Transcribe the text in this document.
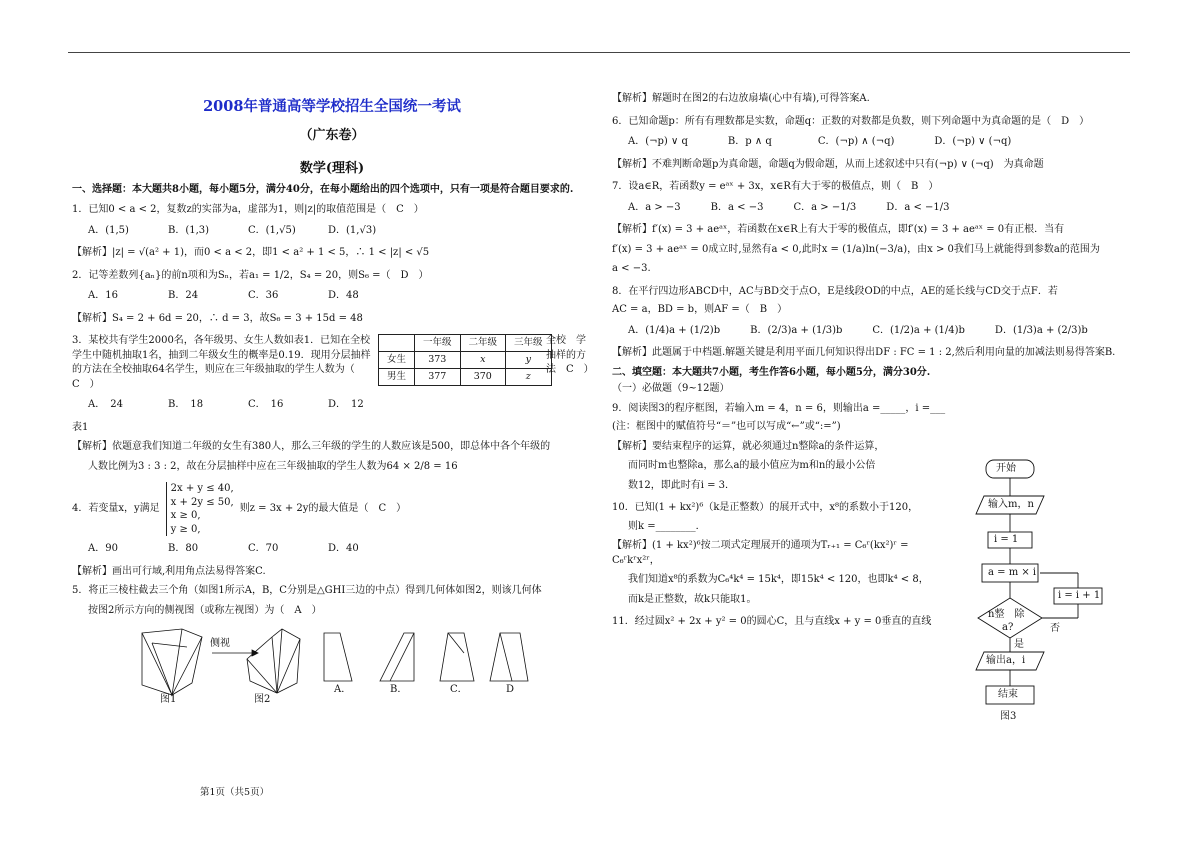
2008年普通高等学校招生全国统一考试
（广东卷）
数学(理科)

一、选择题：本大题共8小题，每小题5分，满分40分，在每小题给出的四个选项中，只有一项是符合题目要求的.

1．已知0 < a < 2，复数z的实部为a，虚部为1，则|z|的取值范围是（　C　）

A．(1,5)	B．(1,3)	C．(1,√5)	D．(1,√3)

【解析】|z| = √(a² + 1)，而0 < a < 2，即1 < a² + 1 < 5，∴ 1 < |z| < √5

2．记等差数列{aₙ}的前n项和为Sₙ，若a₁ = 1/2，S₄ = 20，则S₆ =（　D　）

A．16	B．24	C．36	D．48

【解析】S₄ = 2 + 6d = 20，∴ d = 3，故S₆ = 3 + 15d = 48

3．某校共有学生2000名，各年级男、女生人数如表1．已知在全校学生中随机抽取1名，抽到二年级女生的概率是0.19．现用分层抽样的方法在全校抽取64名学生，则应在三年级抽取的学生人数为（　C　）

	一年级	二年级	三年级
女生	373	x	y
男生	377	370	z
全校　学抽样的方法　C　）
A．　24	B．　18	C．　16	D．　12

表1

【解析】依题意我们知道二年级的女生有380人，那么三年级的学生的人数应该是500，即总体中各个年级的

人数比例为3 : 3 : 2，故在分层抽样中应在三年级抽取的学生人数为64 × 2/8 = 16

4．若变量x，y满足
2x + y ≤ 40,
x + 2y ≤ 50,
x ≥ 0,
y ≥ 0,
则z = 3x + 2y的最大值是（　C　）
A．90	B．80	C．70	D．40

【解析】画出可行域,利用角点法易得答案C.

5．将正三棱柱截去三个角（如图1所示A，B，C分别是△GHI三边的中点）得到几何体如图2，则该几何体

按图2所示方向的侧视图（或称左视图）为（　A　）

图1	图2
侧视
A．	B．	C．	D

【解析】解题时在图2的右边放扇墙(心中有墙),可得答案A.

6．已知命题p：所有有理数都是实数，命题q：正数的对数都是负数，则下列命题中为真命题的是（　D　）

A．(¬p) ∨ q	B．p ∧ q	C．(¬p) ∧ (¬q)	D．(¬p) ∨ (¬q)

【解析】不难判断命题p为真命题，命题q为假命题，从而上述叙述中只有(¬p) ∨ (¬q)　为真命题

7．设a∈R，若函数y = eᵃˣ + 3x，x∈R有大于零的极值点，则（　B　）

A．a > −3	B．a < −3	C．a > −1/3	D．a < −1/3

【解析】f′(x) = 3 + aeᵃˣ，若函数在x∈R上有大于零的极值点，即f′(x) = 3 + aeᵃˣ = 0有正根．当有

f′(x) = 3 + aeᵃˣ = 0成立时,显然有a < 0,此时x = (1/a)ln(−3/a)，由x > 0我们马上就能得到参数a的范围为

a < −3.

8．在平行四边形ABCD中，AC与BD交于点O，E是线段OD的中点，AE的延长线与CD交于点F．若

AC = a，BD = b，则AF =（　B　）

A．(1/4)a + (1/2)b	B．(2/3)a + (1/3)b	C．(1/2)a + (1/4)b	D．(1/3)a + (2/3)b

【解析】此题属于中档题.解题关键是利用平面几何知识得出DF : FC = 1 : 2,然后利用向量的加减法则易得答案B.

二、填空题：本大题共7小题，考生作答6小题，每小题5分，满分30分.

（一）必做题（9~12题）

9．阅读图3的程序框图，若输入m = 4，n = 6，则输出a =_____，i =___

(注：框图中的赋值符号“＝”也可以写成“←”或“:=”)

【解析】要结束程序的运算，就必须通过n整除a的条件运算，

而同时m也整除a，那么a的最小值应为m和n的最小公倍

数12，即此时有i = 3．

10．已知(1 + kx²)⁶（k是正整数）的展开式中，x⁸的系数小于120，

则k =________．

【解析】(1 + kx²)⁶按二项式定理展开的通项为Tᵣ₊₁ = C₆ʳ(kx²)ʳ = C₆ʳkʳx²ʳ，

我们知道x⁸的系数为C₆⁴k⁴ = 15k⁴，即15k⁴ < 120，也即k⁴ < 8，

而k是正整数，故k只能取1。

11．经过圆x² + 2x + y² = 0的圆心C，且与直线x + y = 0垂直的直线

开始
输入m，n
i = 1
a = m × i
n整　除
a?	否
是
i = i + 1
输出a，i
结束
图3
第1页（共5页）
